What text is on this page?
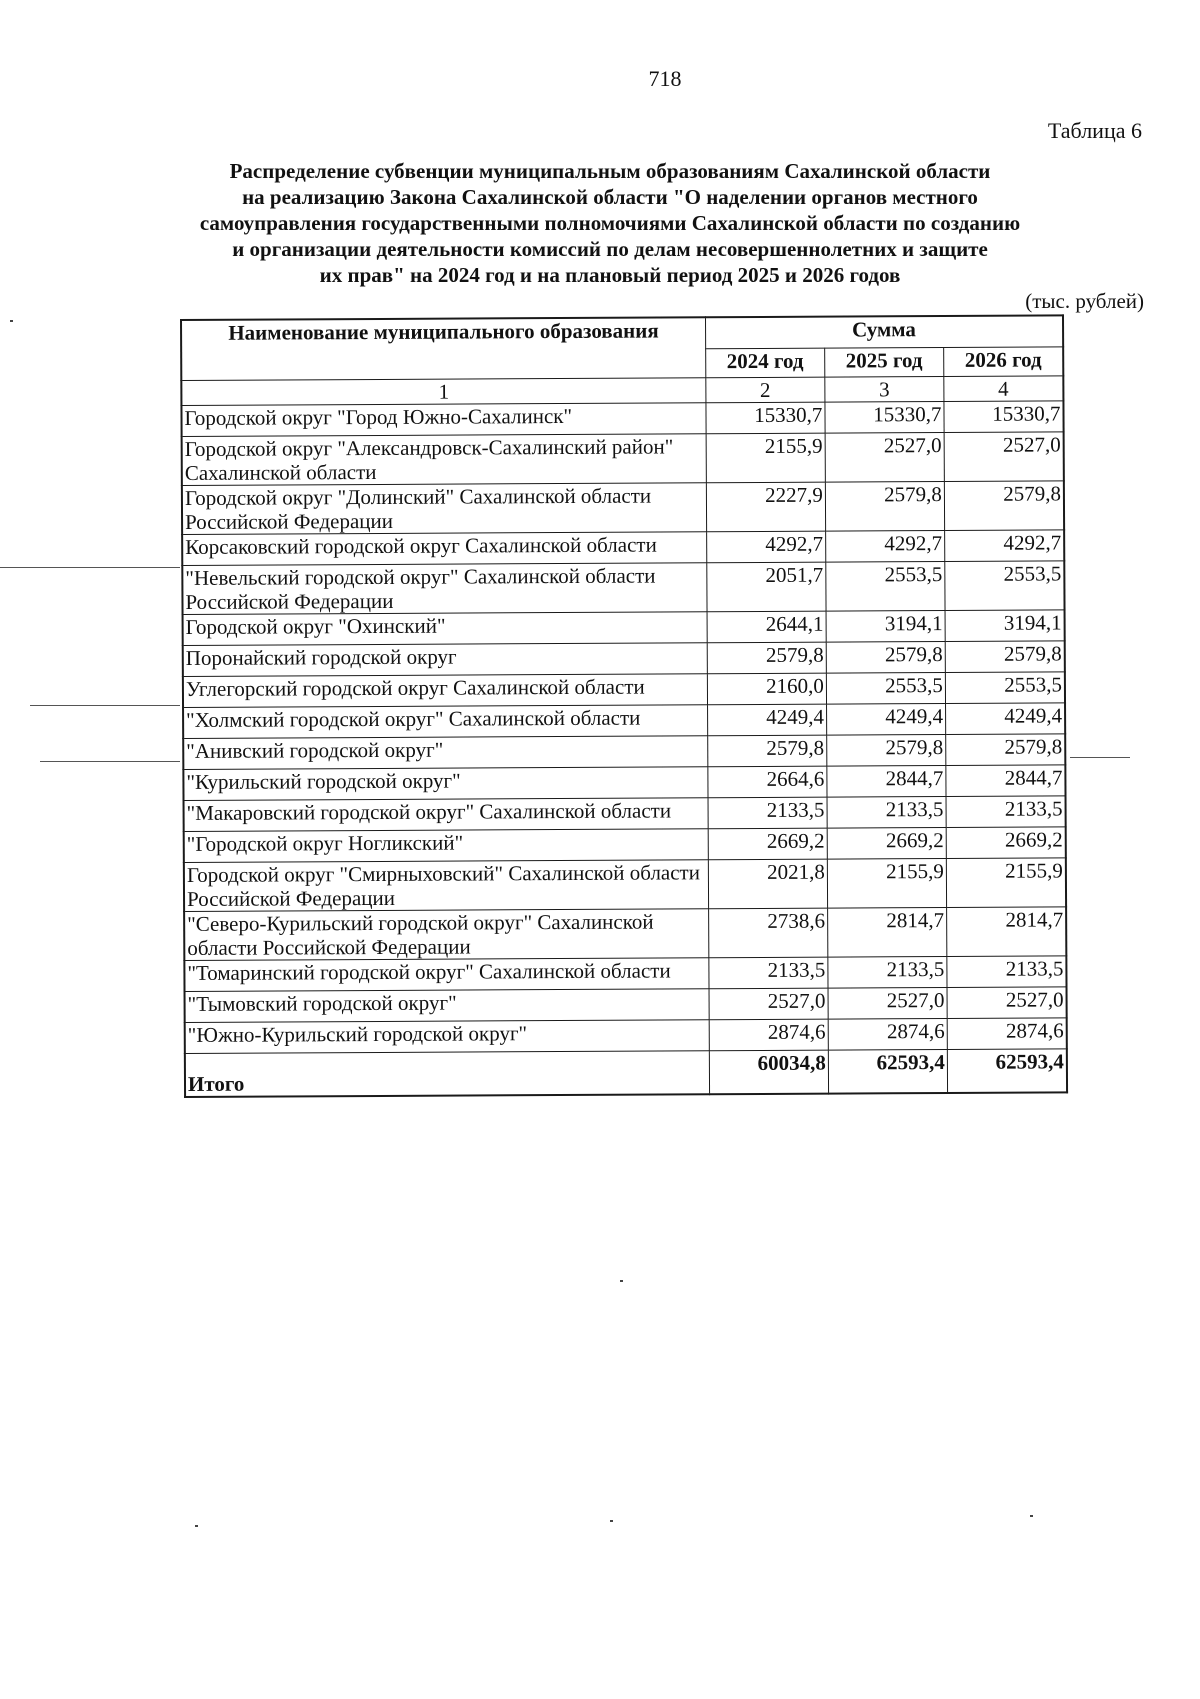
718
Таблица 6
Распределение субвенции муниципальным образованиям Сахалинской области
на реализацию Закона Сахалинской области "О наделении органов местного
самоуправления государственными полномочиями Сахалинской области по созданию
и организации деятельности комиссий по делам несовершеннолетних и защите
их прав" на 2024 год и на плановый период 2025 и 2026 годов
(тыс. рублей)
Наименование муниципального образования	Сумма		
	2024 год	2025 год	2026 год
1	2	3	4
Городской округ "Город Южно-Сахалинск"	15330,7	15330,7	15330,7
Городской округ "Александровск-Сахалинский район" Сахалинской области	2155,9	2527,0	2527,0
Городской округ "Долинский" Сахалинской области Российской Федерации	2227,9	2579,8	2579,8
Корсаковский городской округ Сахалинской области	4292,7	4292,7	4292,7
"Невельский городской округ" Сахалинской области Российской Федерации	2051,7	2553,5	2553,5
Городской округ "Охинский"	2644,1	3194,1	3194,1
Поронайский городской округ	2579,8	2579,8	2579,8
Углегорский городской округ Сахалинской области	2160,0	2553,5	2553,5
"Холмский городской округ" Сахалинской области	4249,4	4249,4	4249,4
"Анивский городской округ"	2579,8	2579,8	2579,8
"Курильский городской округ"	2664,6	2844,7	2844,7
"Макаровский городской округ" Сахалинской области	2133,5	2133,5	2133,5
"Городской округ Ногликский"	2669,2	2669,2	2669,2
Городской округ "Смирныховский" Сахалинской области Российской Федерации	2021,8	2155,9	2155,9
"Северо-Курильский городской округ" Сахалинской области Российской Федерации	2738,6	2814,7	2814,7
"Томаринский городской округ" Сахалинской области	2133,5	2133,5	2133,5
"Тымовский городской округ"	2527,0	2527,0	2527,0
"Южно-Курильский городской округ"	2874,6	2874,6	2874,6
Итого	60034,8	62593,4	62593,4
